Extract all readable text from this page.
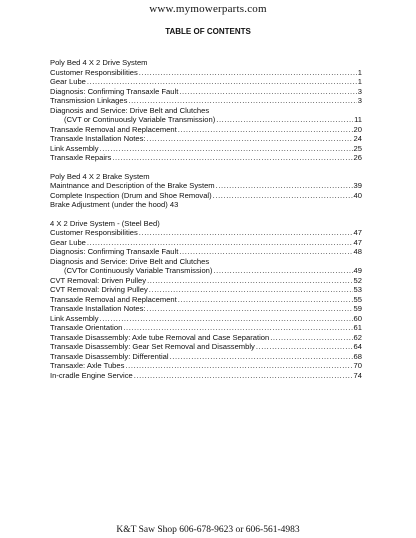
www.mymowerparts.com
TABLE OF CONTENTS
Poly Bed 4 X 2 Drive System
Customer Responsibilities .....	1
Gear Lube .....	1
Diagnosis: Confirming Transaxle Fault .....	3
Transmission Linkages .....	3
Diagnosis and Service: Drive Belt and Clutches
(CVT or Continuously Variable Transmission) .....	11
Transaxle Removal and Replacement .....	20
Transaxle Installation Notes: .....	24
Link Assembly .....	25
Transaxle Repairs .....	26
Poly Bed 4 X 2 Brake System
Maintnance and Description of the Brake System .....	39
Complete Inspection (Drum and Shoe Removal) .....	40
Brake Adjustment (under the hood) 43
4 X 2 Drive System - (Steel Bed)
Customer Responsibilities .....	47
Gear Lube .....	47
Diagnosis: Confirming Transaxle Fault .....	48
Diagnosis and Service: Drive Belt and Clutches
(CVTor Continuously Variable Transmission) .....	49
CVT Removal: Driven Pulley .....	52
CVT Removal: Driving Pulley .....	53
Transaxle Removal and Replacement .....	55
Transaxle Installation Notes: .....	59
Link Assembly .....	60
Transaxle Orientation .....	61
Transaxle Disassembly: Axle tube Removal and Case Separation .....	62
Transaxle Disassembly: Gear Set Removal and Disassembly .....	64
Transaxle Disassembly: Differential .....	68
Transaxle: Axle Tubes .....	70
In-cradle Engine Service .....	74
K&T Saw Shop 606-678-9623 or 606-561-4983
